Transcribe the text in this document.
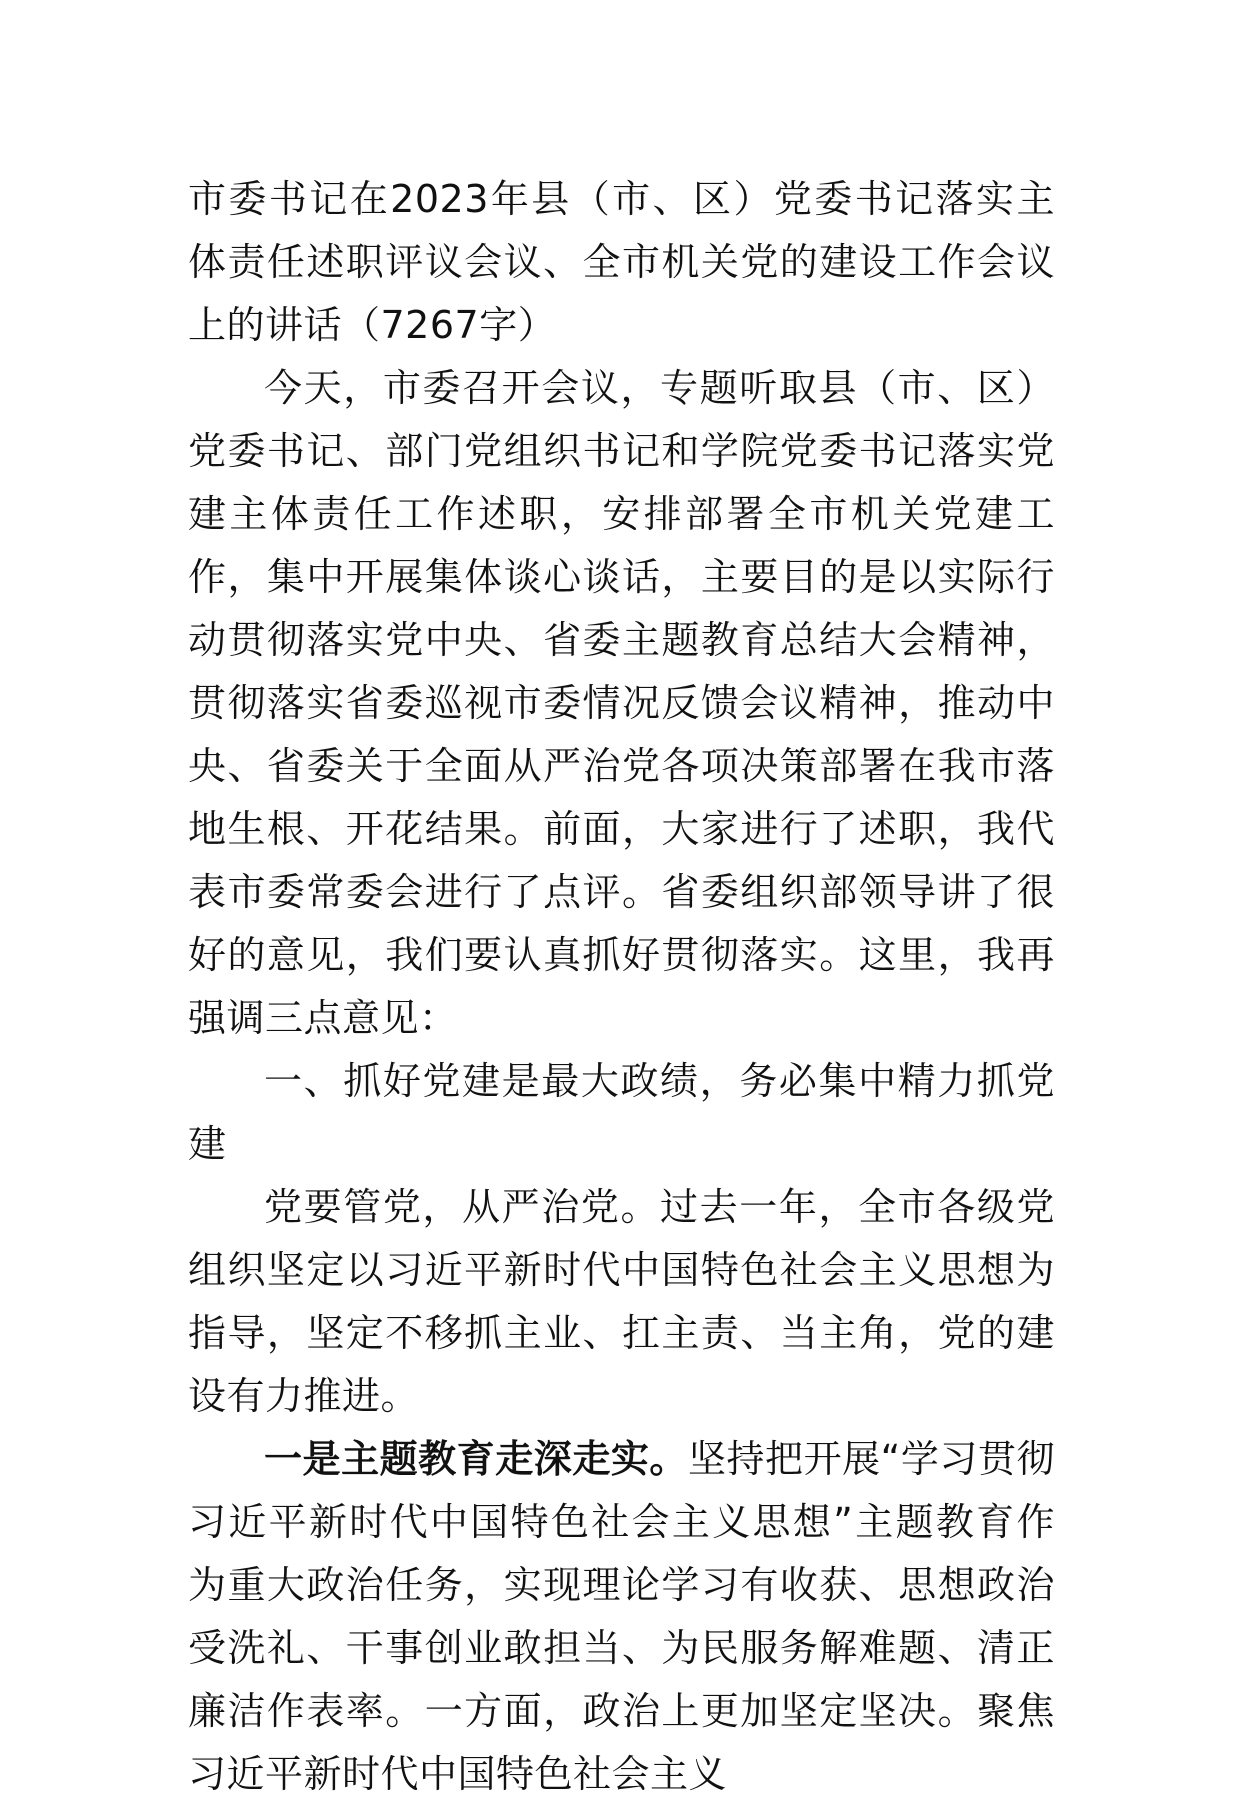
市委书记在2023年县（市、区）党委书记落实主体责任述职评议会议、全市机关党的建设工作会议上的讲话（7267字）

今天，市委召开会议，专题听取县（市、区）党委书记、部门党组织书记和学院党委书记落实党建主体责任工作述职，安排部署全市机关党建工作，集中开展集体谈心谈话，主要目的是以实际行动贯彻落实党中央、省委主题教育总结大会精神，贯彻落实省委巡视市委情况反馈会议精神，推动中央、省委关于全面从严治党各项决策部署在我市落地生根、开花结果。前面，大家进行了述职，我代表市委常委会进行了点评。省委组织部领导讲了很好的意见，我们要认真抓好贯彻落实。这里，我再强调三点意见：

一、抓好党建是最大政绩，务必集中精力抓党建

党要管党，从严治党。过去一年，全市各级党组织坚定以习近平新时代中国特色社会主义思想为指导，坚定不移抓主业、扛主责、当主角，党的建设有力推进。

一是主题教育走深走实。坚持把开展“学习贯彻习近平新时代中国特色社会主义思想”主题教育作为重大政治任务，实现理论学习有收获、思想政治受洗礼、干事创业敢担当、为民服务解难题、清正廉洁作表率。一方面，政治上更加坚定坚决。聚焦习近平新时代中国特色社会主义
